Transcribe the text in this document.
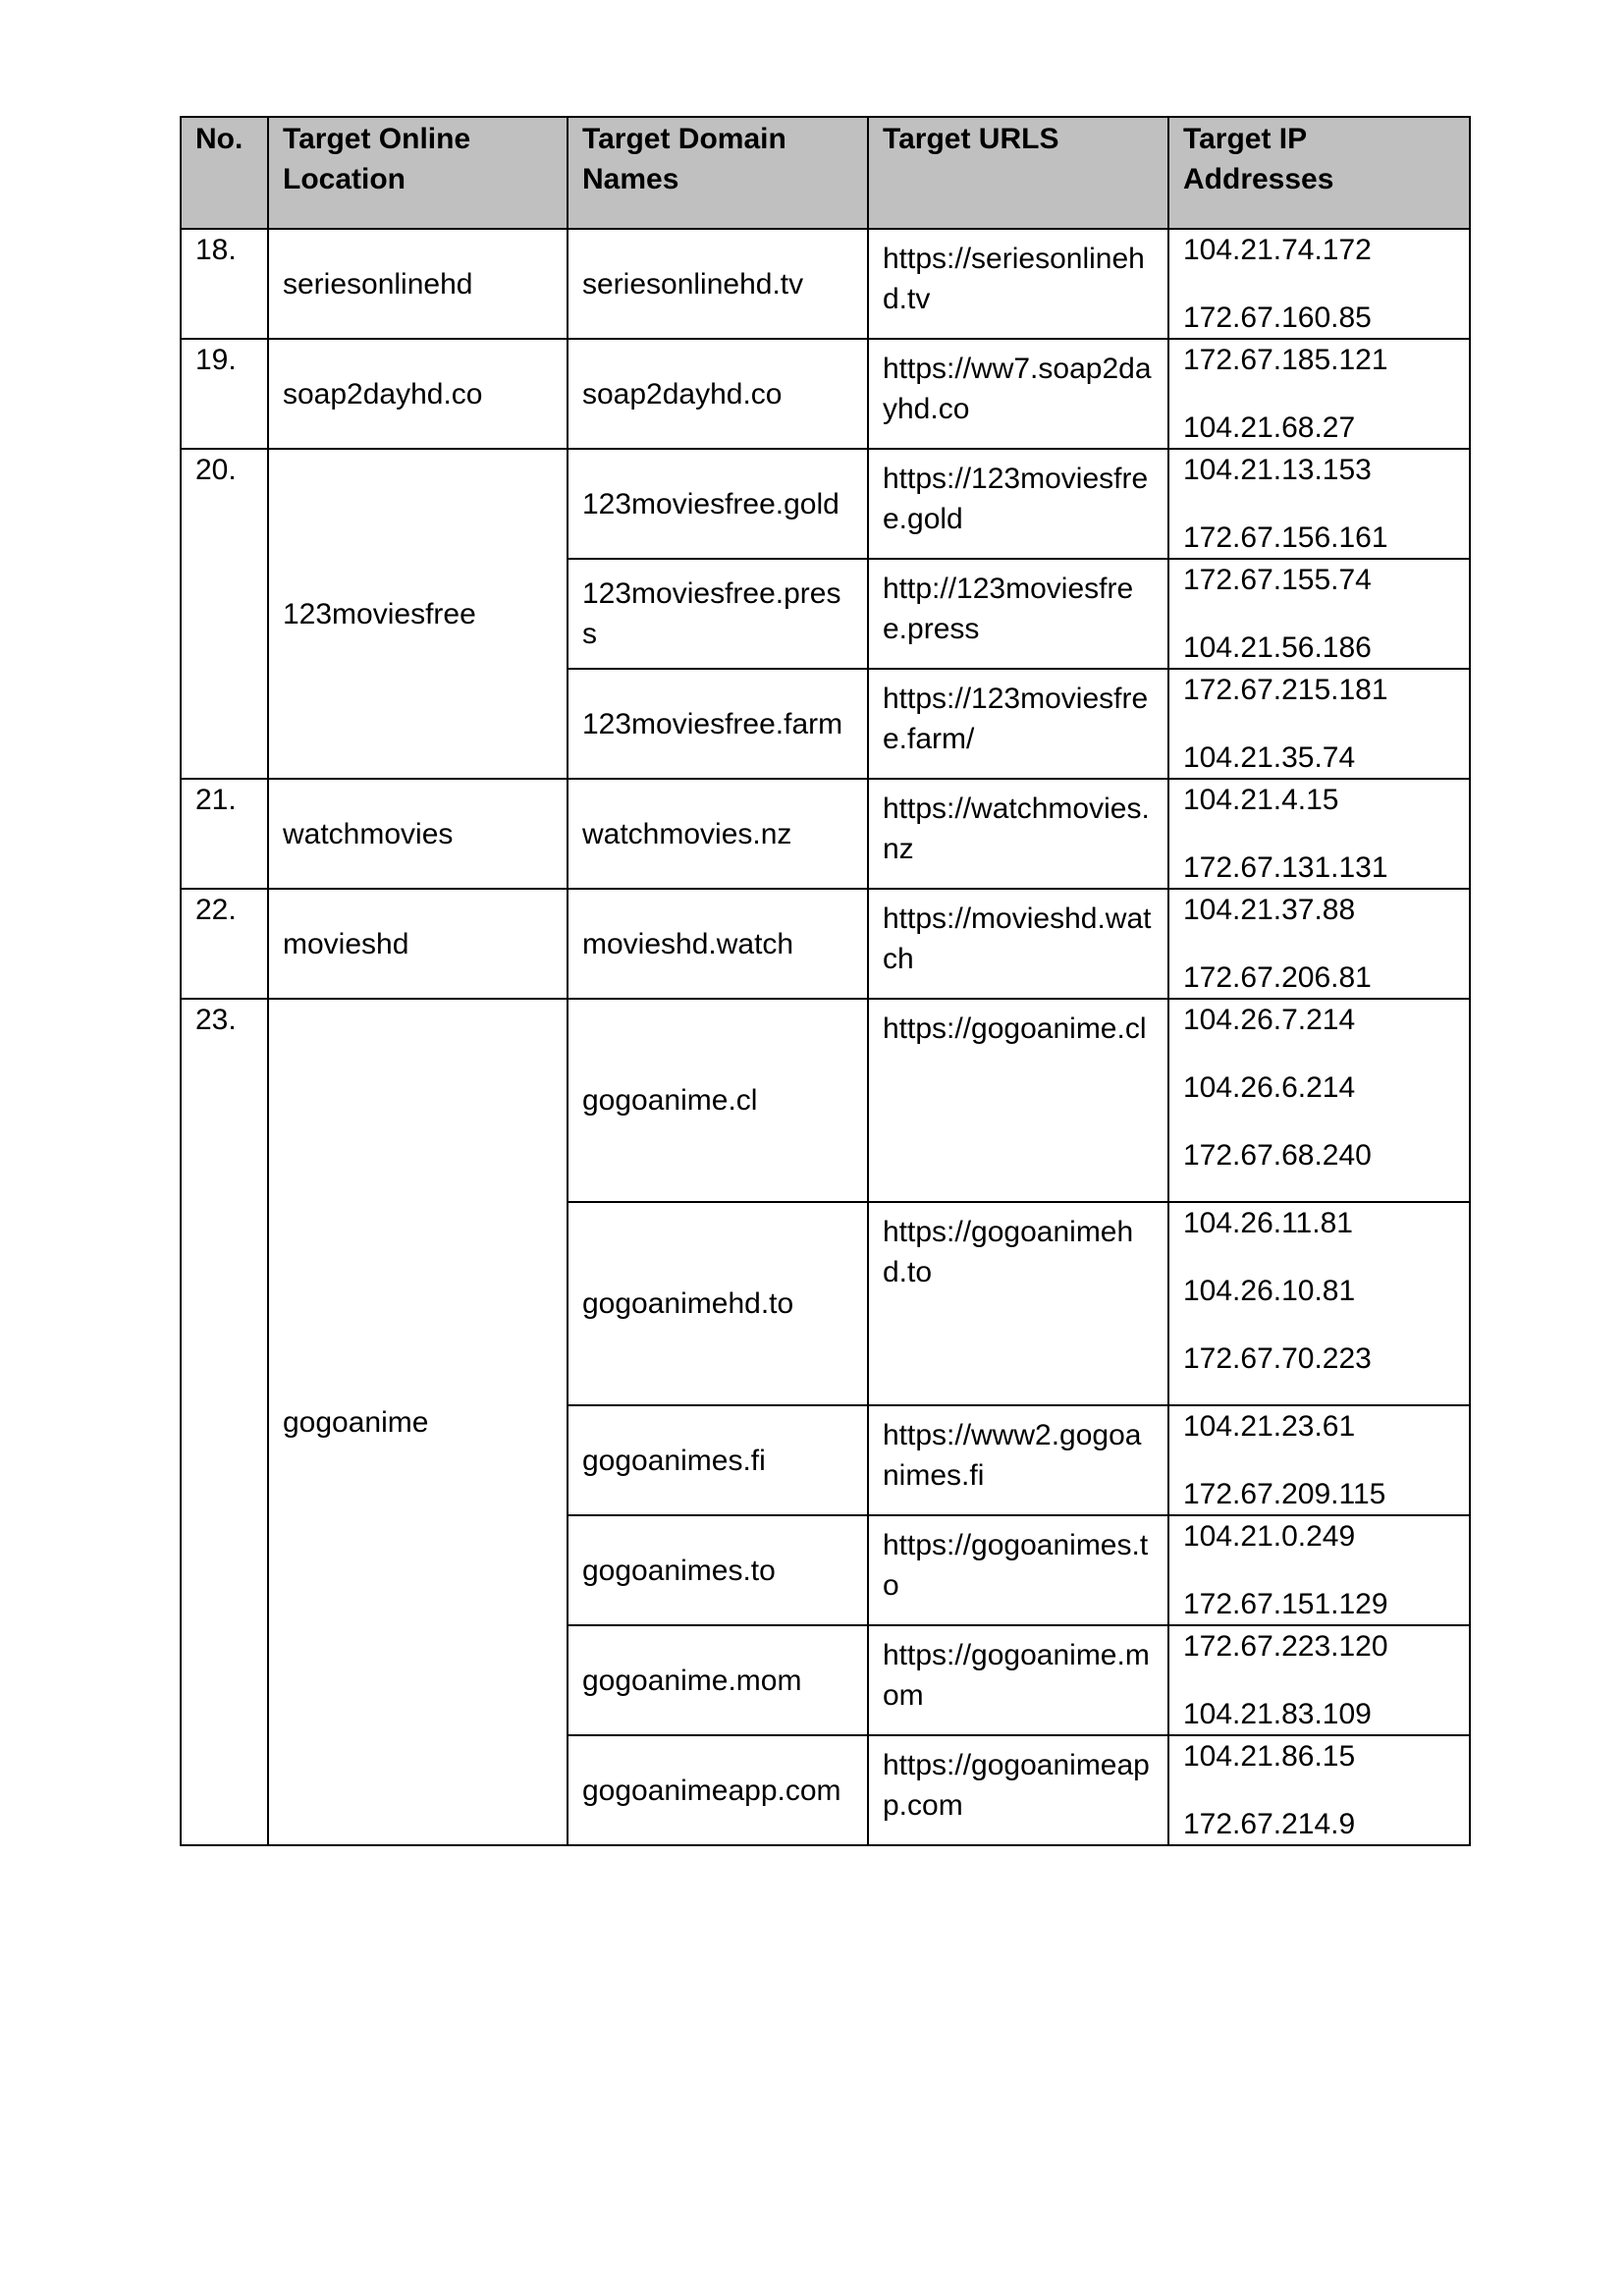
No.	Target Online Location	Target Domain Names	Target URLS	Target IP Addresses
18.	seriesonlinehd	seriesonlinehd.tv	https://seriesonlinehd.tv	104.21.74.172
172.67.160.85

19.	soap2dayhd.co	soap2dayhd.co	https://ww7.soap2dayhd.co	172.67.185.121
104.21.68.27

20.	123moviesfree	123moviesfree.gold	https://123moviesfree.gold	104.21.13.153
172.67.156.161

		123moviesfree.press	http://123moviesfree.press	172.67.155.74
104.21.56.186

		123moviesfree.farm	https://123moviesfree.farm/	172.67.215.181
104.21.35.74

21.	watchmovies	watchmovies.nz	https://watchmovies.nz	104.21.4.15
172.67.131.131

22.	movieshd	movieshd.watch	https://movieshd.watch	104.21.37.88
172.67.206.81

23.	gogoanime	gogoanime.cl	https://gogoanime.cl	104.26.7.214
104.26.6.214
172.67.68.240

		gogoanimehd.to	https://gogoanimehd.to	104.26.11.81
104.26.10.81
172.67.70.223

		gogoanimes.fi	https://www2.gogoanimes.fi	104.21.23.61
172.67.209.115

		gogoanimes.to	https://gogoanimes.to	104.21.0.249
172.67.151.129

		gogoanime.mom	https://gogoanime.mom	172.67.223.120
104.21.83.109

		gogoanimeapp.com	https://gogoanimeapp.com	104.21.86.15
172.67.214.9
